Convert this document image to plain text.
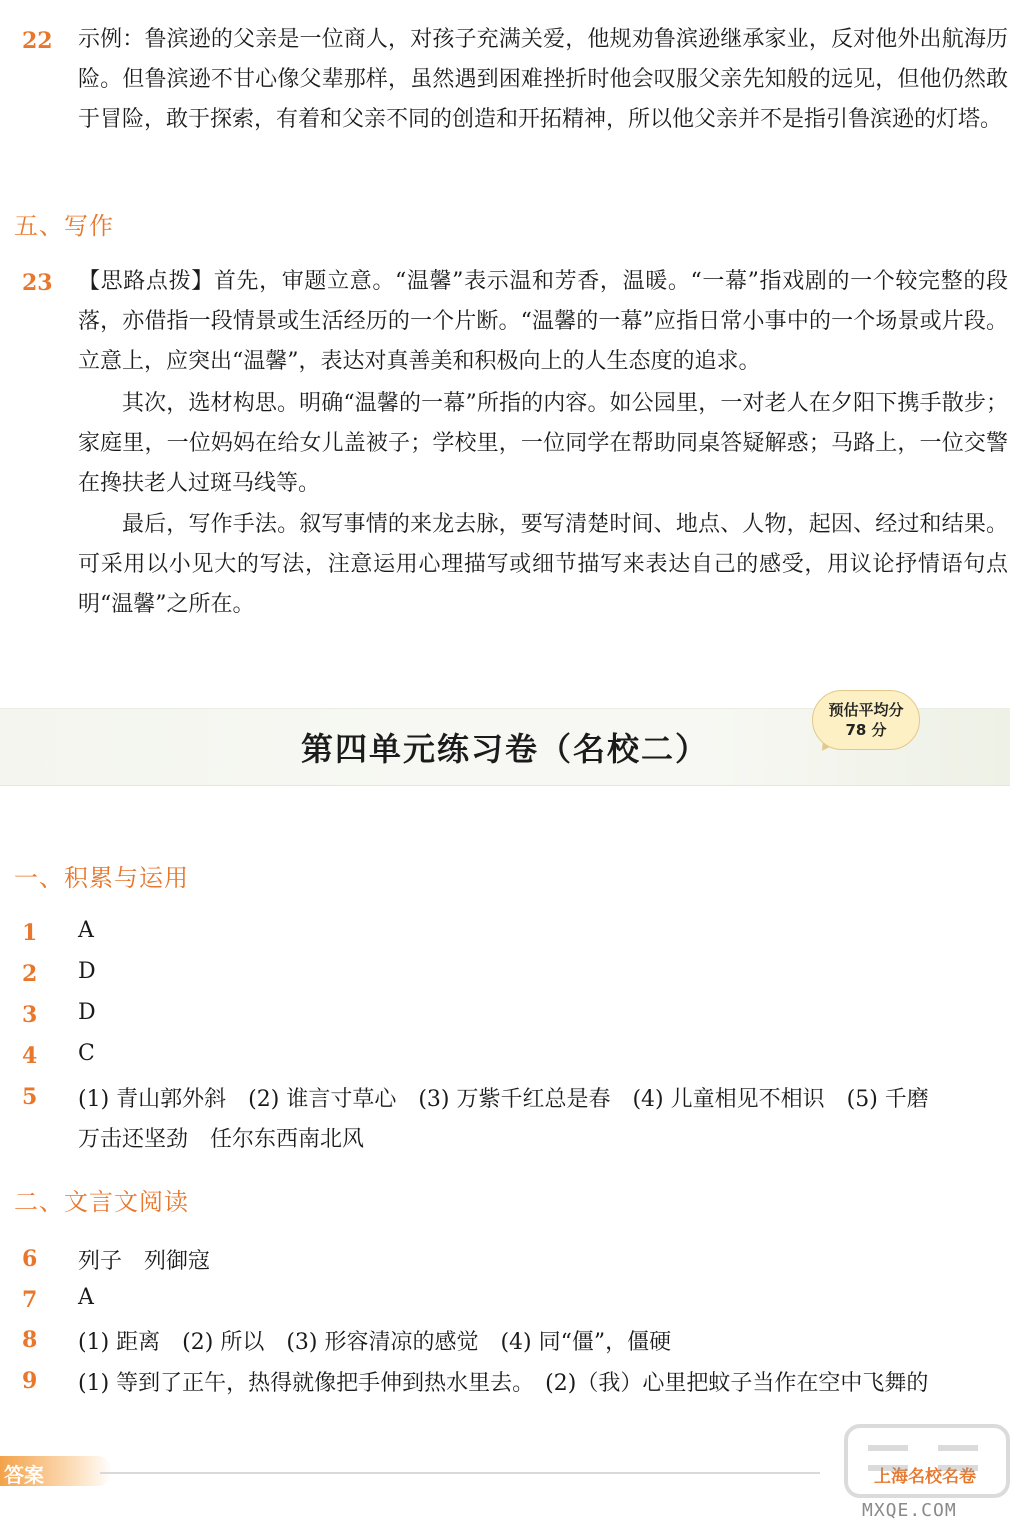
22 示例：鲁滨逊的父亲是一位商人，对孩子充满关爱，他规劝鲁滨逊继承家业，反对他外出航海历险。但鲁滨逊不甘心像父辈那样，虽然遇到困难挫折时他会叹服父亲先知般的远见，但他仍然敢于冒险，敢于探索，有着和父亲不同的创造和开拓精神，所以他父亲并不是指引鲁滨逊的灯塔。
五、写作
23 【思路点拨】首先，审题立意。“温馨”表示温和芳香，温暖。“一幕”指戏剧的一个较完整的段落，亦借指一段情景或生活经历的一个片断。“温馨的一幕”应指日常小事中的一个场景或片段。立意上，应突出“温馨”，表达对真善美和积极向上的人生态度的追求。
其次，选材构思。明确“温馨的一幕”所指的内容。如公园里，一对老人在夕阳下携手散步；家庭里，一位妈妈在给女儿盖被子；学校里，一位同学在帮助同桌答疑解惑；马路上，一位交警在搀扶老人过斑马线等。
最后，写作手法。叙写事情的来龙去脉，要写清楚时间、地点、人物，起因、经过和结果。可采用以小见大的写法，注意运用心理描写或细节描写来表达自己的感受，用议论抒情语句点明“温馨”之所在。
第四单元练习卷（名校二）
预估平均分
78 分
一、积累与运用
1	A
2	D
3	D
4	C
5	(1) 青山郭外斜　(2) 谁言寸草心　(3) 万紫千红总是春　(4) 儿童相见不相识　(5) 千磨
万击还坚劲　任尔东西南北风
二、文言文阅读
6	列子　列御寇
7	A
8	(1) 距离　(2) 所以　(3) 形容清凉的感觉　(4) 同“僵”，僵硬
9	(1) 等到了正午，热得就像把手伸到热水里去。　(2)（我）心里把蚊子当作在空中飞舞的
答案	上海名校名卷
MXQE.COM
